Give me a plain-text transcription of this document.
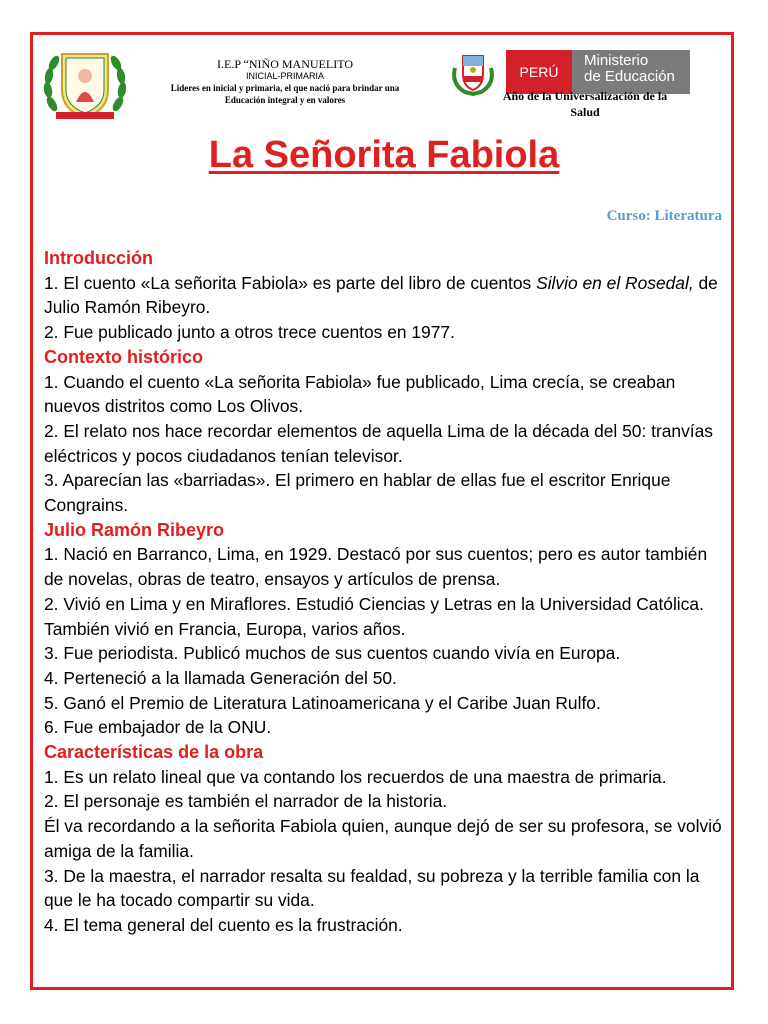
I.E.P “NIÑO MANUELITO
INICIAL-PRIMARIA
Lideres en inicial y primaria, el que nació para brindar una
Educación integral y en valores
PERÚ
Ministerio
de Educación
Año de la Universalización de la
Salud
La Señorita Fabiola
Curso: Literatura
Introducción

1. El cuento «La señorita Fabiola» es parte del libro de cuentos Silvio en el Rosedal, de Julio Ramón Ribeyro.

2. Fue publicado junto a otros trece cuentos en 1977.

Contexto histórico

1. Cuando el cuento «La señorita Fabiola» fue publicado, Lima crecía, se creaban nuevos distritos como Los Olivos.

2. El relato nos hace recordar elementos de aquella Lima de la década del 50: tranvías eléctricos y pocos ciudadanos tenían televisor.

3. Aparecían las «barriadas». El primero en hablar de ellas fue el escritor Enrique Congrains.

Julio Ramón Ribeyro

1. Nació en Barranco, Lima, en 1929. Destacó por sus cuentos; pero es autor también de novelas, obras de teatro, ensayos y artículos de prensa.

2. Vivió en Lima y en Miraflores. Estudió Ciencias y Letras en la Universidad Católica. También vivió en Francia, Europa, varios años.

3. Fue periodista. Publicó muchos de sus cuentos cuando vivía en Europa.

4. Perteneció a la llamada Generación del 50.

5. Ganó el Premio de Literatura Latinoamericana y el Caribe Juan Rulfo.

6. Fue embajador de la ONU.

Características de la obra

1. Es un relato lineal que va contando los recuerdos de una maestra de primaria.

2. El personaje es también el narrador de la historia.

Él va recordando a la señorita Fabiola quien, aunque dejó de ser su profesora, se volvió amiga de la familia.

3. De la maestra, el narrador resalta su fealdad, su pobreza y la terrible familia con la que le ha tocado compartir su vida.

4. El tema general del cuento es la frustración.
